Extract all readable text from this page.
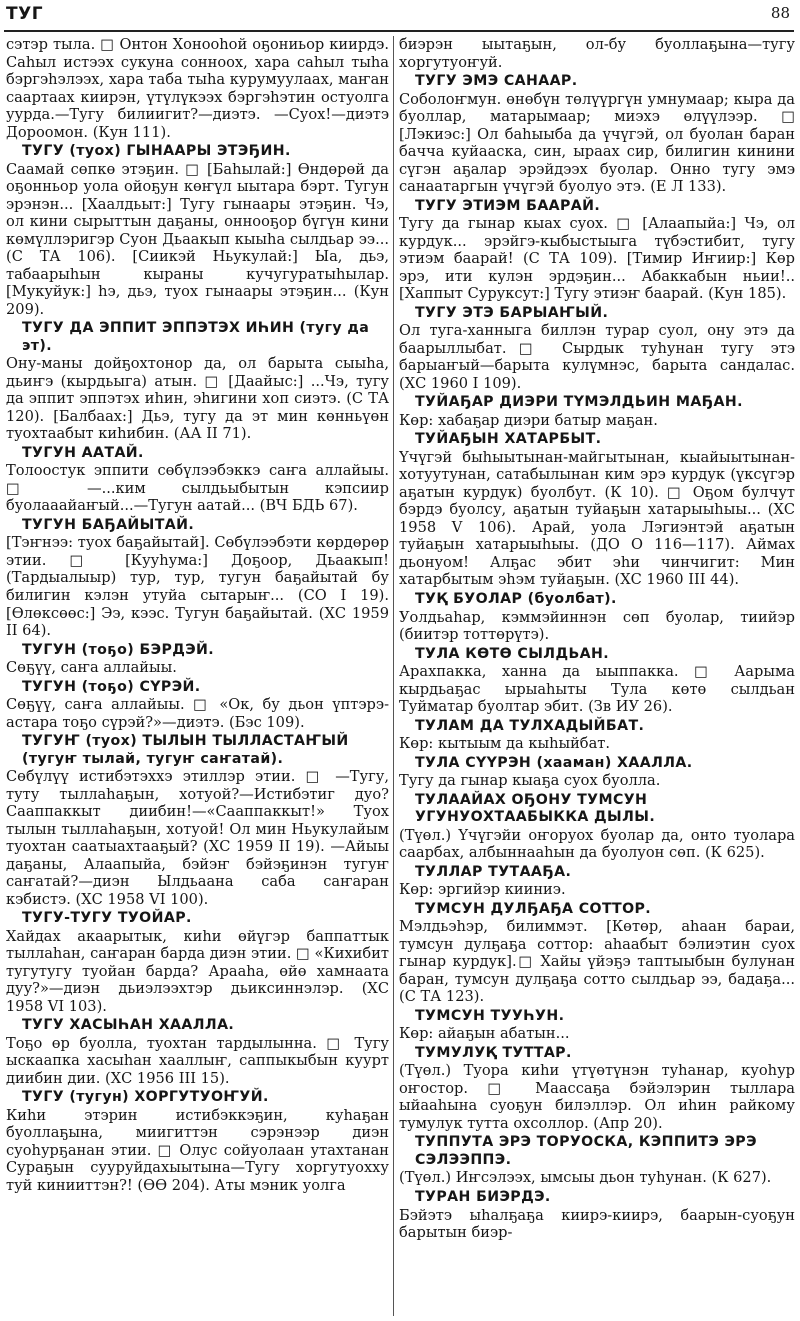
ТУГ	88

сэтэр тыла. □ Онтон Хонооhой оҕониьор киирдэ. Саhыл истээх сукуна сонноох, хара саhыл тыhа бэргэhэлээх, хара таба тыhа курумуулаах, маҥан саартаах киирэн, үтүлүкээх бэргэhэтин остуолга уурда.—Тугу билиигит?—диэтэ. —Суох!—диэтэ Дороомон. (Кун 111).

ТУГУ (туох) ГЫНААРЫ ЭТЭҔИН.
Саамай сөпкө этэҕин. □ [Баhылай:] Өндөрөй да оҕонньор уола ойоҕун көҥүл ыытара бэрт. Тугун эрэнэн... [Хаалдьыт:] Тугу гынаары этэҕин. Чэ, ол кини сырыттын даҕаны, оннооҕор бүгүн кини көмүллэригэр Суон Дьаакып кыыhа сылдьар ээ... (С ТА 106). [Сиикэй Ньукулай:] Ыа, дьэ, табаарыhын кыраны кучугуратыhылар. [Мукуйук:] hэ, дьэ, туох гынаары этэҕин... (Кун 209).

ТУГУ ДА ЭППИТ ЭППЭТЭХ ИҺИН (тугу да эт).
Ону-маны дойҕохтонор да, ол барыта сыыhа, дьиҥэ (кырдьыга) атын. □ [Даайыс:] ...Чэ, тугу да эппит эппэтэх иhин, эhигини хоп сиэтэ. (С ТА 120). [Балбаах:] Дьэ, тугу да эт мин көнньүөн туохтаабыт киhибин. (АА II 71).

ТУГУН ААТАЙ.
Толоостук эппити сөбүлээбэккэ саҥа аллайыы. □ —...ким сылдьыбытын кэпсиир буолааайаҥый...—Тугун аатай... (ВЧ БДЬ 67).

ТУГУН БАҔАЙЫТАЙ.
[Тэҥнээ: туох баҕайытай]. Сөбүлээбэти көрдөрөр этии. □ [Кууhума:] Доҕоор, Дьаакып! (Тардыалыыр) тур, тур, тугун баҕайытай бу билигин кэлэн утуйа сытарыҥ... (СО I 19). [Өлөксөөс:] Ээ, кээс. Тугун баҕайытай. (ХС 1959 II 64).

ТУГУН (тоҕо) БЭРДЭЙ.
Сөҕүү, саҥа аллайыы.

ТУГУН (тоҕо) СҮРЭЙ.
Сөҕүү, саҥа аллайыы. □ «Ок, бу дьон үптэрэ-астара тоҕо сүрэй?»—диэтэ. (Бэс 109).

ТУГУҤ (туох) ТЫЛЫН ТЫЛЛАСТАҤЫЙ (тугуҥ тылай, тугуҥ саҥатай).
Сөбүлүү истибэтэххэ этиллэр этии. □ —Тугу, туту тыллаhаҕын, хотуой?—Истибэтиг дуо? Сааппаккыт диибин!—«Сааппаккыт!» Туох тылын тыллаhаҕын, хотуой! Ол мин Ньукулайым туохтан саатыахтааҕый? (ХС 1959 II 19). —Айыы даҕаны, Алаапыйа, бэйэҥ бэйэҕинэн тугуҥ саҥатай?—диэн Ылдьаана саба саҥаран кэбистэ. (ХС 1958 VI 100).

ТУГУ-ТУГУ ТУОЙАР.
Хайдах акаарытык, киhи өйүгэр баппаттык тыллаhан, саҥаран барда диэн этии. □ «Кихибит тугутугу туойан барда? Арааhа, өйө хамнаата дуу?»—диэн дьиэлээхтэр дьиксиннэлэр. (ХС 1958 VI 103).

ТУГУ ХАСЫҺАН ХААЛЛА.
Тоҕо өр буолла, туохтан тардылынна. □ Тугу ыскаапка хасыhан хааллыҥ, саппыкыбын куурт диибин дии. (ХС 1956 III 15).

ТУГУ (тугун) ХОРГУТУОҤУЙ.
Киhи этэрин истибэккэҕин, куhаҕан буоллаҕына, миигиттэн сэрэнээр диэн суоhурҕанан этии. □ Олус сойуолаан утахтанан Сураҕын сууруйдахыытына—Тугу хоргутуохху туй кинииттэн?! (ӨӨ 204). Аты мэник уолга

биэрэн ыытаҕын, ол-бу буоллаҕына—тугу хоргутуоҥуй.

ТУГУ ЭМЭ САНААР.
Соболоҥмун. өнөбүн төлүүргүн умнумаар; кыра да буоллар, матарымаар; миэхэ өлүүлээр. □ [Лэкиэс:] Ол баhыыба да үчүгэй, ол буолан баран баччa куйааска, син, ыраах сир, билигин кинини сүгэн аҕалар эрэйдээх буолар. Онно тугу эмэ санаатаргын үчүгэй буолуо этэ. (Е Л 133).

ТУГУ ЭТИЭМ БААРАЙ.
Тугу да гынар кыах суох. □ [Алаапыйа:] Чэ, ол курдук... эрэйгэ-кыбыстыыга түбэстибит, тугу этиэм баарай! (С ТА 109). [Тимир Иҥиир:] Көр эрэ, ити кулэн эрдэҕин... Абаккабын ньии!.. [Хаппыт Суруксут:] Тугу этиэҥ баарай. (Кун 185).

ТУГУ ЭТЭ БАРЫАҤЫЙ.
Ол туга-ханныга биллэн турар суол, ону этэ да баарыллыбат.□ Сырдык туhунан тугу этэ барыаҥый—барыта кулүмнэс, барыта сандалас. (ХС 1960 I 109).

ТУЙАҔАР ДИЭРИ ТҮМЭЛДЬИН МАҔАН.
Көр: хабаҕар диэри батыр маҕан.

ТУЙАҔЫН ХАТАРБЫТ.
Үчүгэй быhыытынан-майгытынан, кыайыытынан-хотуутунан, сатабылынан ким эрэ курдук (үксүгэр аҕатын курдук) буолбут. (К 10). □ Оҕом булчут бэрдэ буолсу, аҕатын туйаҕын хатарыыhыы... (ХС 1958 V 106). Арай, уола Лэгиэнтэй аҕатын туйаҕын хатарыыhыы. (ДО О 116—117). Аймах дьонуом! Алҕас эбит эhи чинчигит: Мин хатарбытым эhэм туйаҕын. (ХС 1960 III 44).

ТУҚ БУОЛАР (буолбат).
Уолдьаhар, кэммэйиннэн сөп буолар, тиийэр (биитэр тоттөрүтэ).

ТУЛА КӨТӨ СЫЛДЬАН.
Арахпакка, ханна да ыыппакка. □ Аарыма кырдьаҕас ырыаhыты Тула көтө сылдьан Туйматар буолтар эбит. (Зв ИУ 26).

ТУЛАМ ДА ТУЛХАДЫЙБАТ.
Көр: кытыым да кыhыйбат.

ТУЛА СҮҮРЭН (хааман) ХААЛЛА.
Тугу да гынар кыаҕа суох буолла.

ТУЛААЙАХ ОҔОНУ ТУМСУН УГУНУОХТААБЫККА ДЫЛЫ.
(Түөл.) Үчүгэйи оҥоруох буолар да, онто туолара саарбах, албыннааhын да буолуон сөп. (К 625).

ТУЛЛАР ТУТААҔА.
Көр: эргийэр кииниэ.

ТУМСУН ДУЛҔАҔА СОТТОР.
Мэлдьэhэр, билиммэт. [Көтөр, аhаан бараи, тумсун дулҕаҕа соттор: аhаабыт бэлиэтин суох гынар курдук].□ Хайы үйэҕэ таптыыбын булунан баран, тумсун дулҕаҕа сотто сылдьар ээ, бадаҕа... (С ТА 123).

ТУМСУН ТУУҺУН.
Көр: айаҕын абатын...

ТУМУЛУҚ ТУТТАР.
(Түөл.) Туора киhи үтүөтүнэн туhанар, куоhур оҥостор. □ Маассаҕа бэйэлэрин тыллара ыйааhына суоҕун билэллэр. Ол иhин райкому тумулук тутта охсоллор. (Апр 20).

ТУППУТА ЭРЭ ТОРУОСКА, КЭППИТЭ ЭРЭ СЭЛЭЭППЭ.
(Түөл.) Иҥсэлээх, ымсыы дьон туhунан. (К 627).

ТУРАН БИЭРДЭ.
Бэйэтэ ыhалҕаҕа киирэ-киирэ, баарын-суоҕун барытын биэр-
